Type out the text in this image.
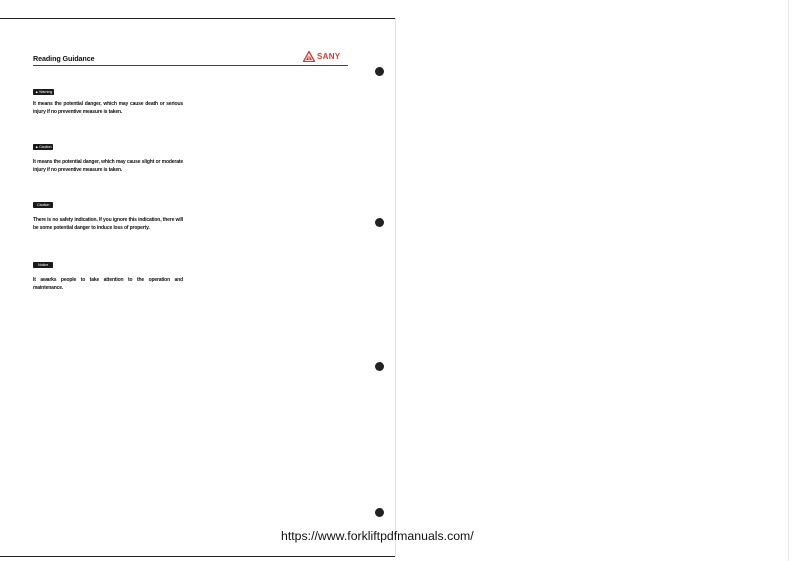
Reading Guidance	SANY
▲Warning
It means the potential danger, which may cause death or serious injury if no preventive measure is taken.
▲Caution
It means the potential danger, which may cause slight or moderate injury if no preventive measure is taken.
Caution
There is no safety indication. If you ignore this indication, there will be some potential danger to induce loss of property.
Notice
It awarks people to take attention to the operation and maintenance.
https://www.forkliftpdfmanuals.com/
